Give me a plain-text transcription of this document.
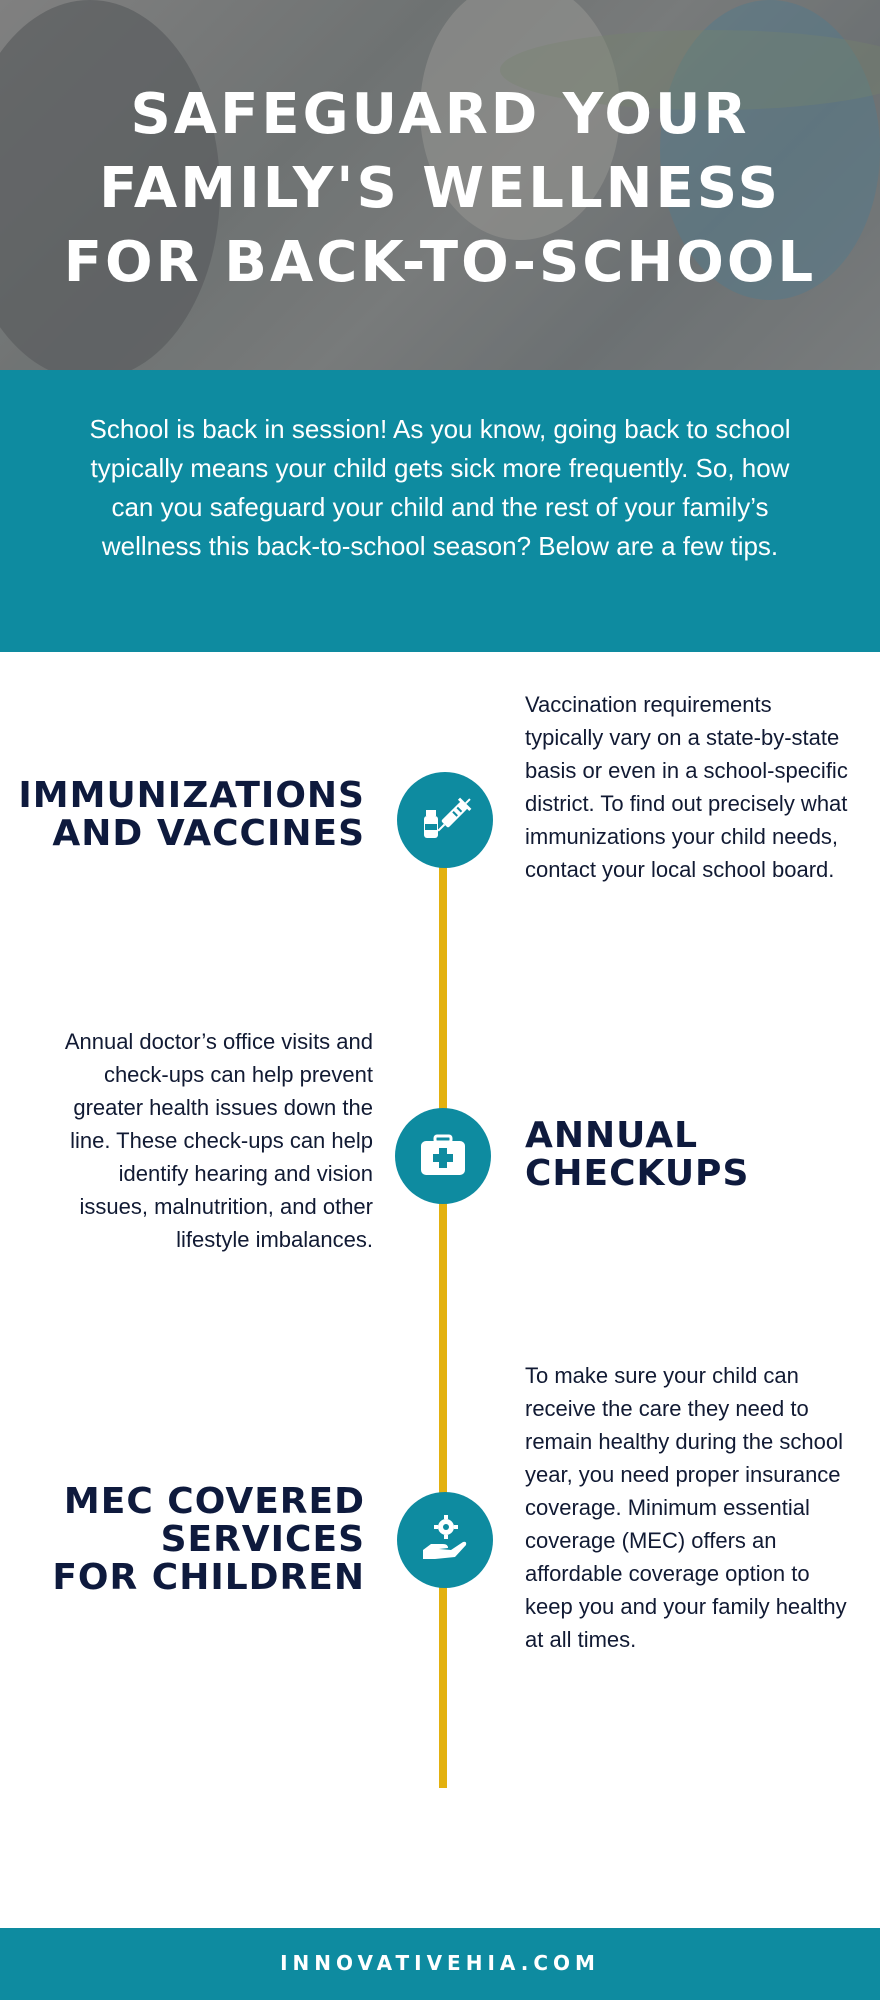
SAFEGUARD YOUR
FAMILY'S WELLNESS
FOR BACK-TO-SCHOOL

School is back in session! As you know, going back to school typically means your child gets sick more frequently. So, how can you safeguard your child and the rest of your family’s wellness this back-to-school season? Below are a few tips.

IMMUNIZATIONS
AND VACCINES

Vaccination requirements typically vary on a state-by-state basis or even in a school-specific district. To find out precisely what immunizations your child needs, contact your local school board.

Annual doctor’s office visits and check-ups can help prevent greater health issues down the line. These check-ups can help identify hearing and vision issues, malnutrition, and other lifestyle imbalances.

ANNUAL
CHECKUPS
MEC COVERED
SERVICES
FOR CHILDREN

To make sure your child can receive the care they need to remain healthy during the school year, you need proper insurance coverage. Minimum essential coverage (MEC) offers an affordable coverage option to keep you and your family healthy at all times.

INNOVATIVEHIA.COM
